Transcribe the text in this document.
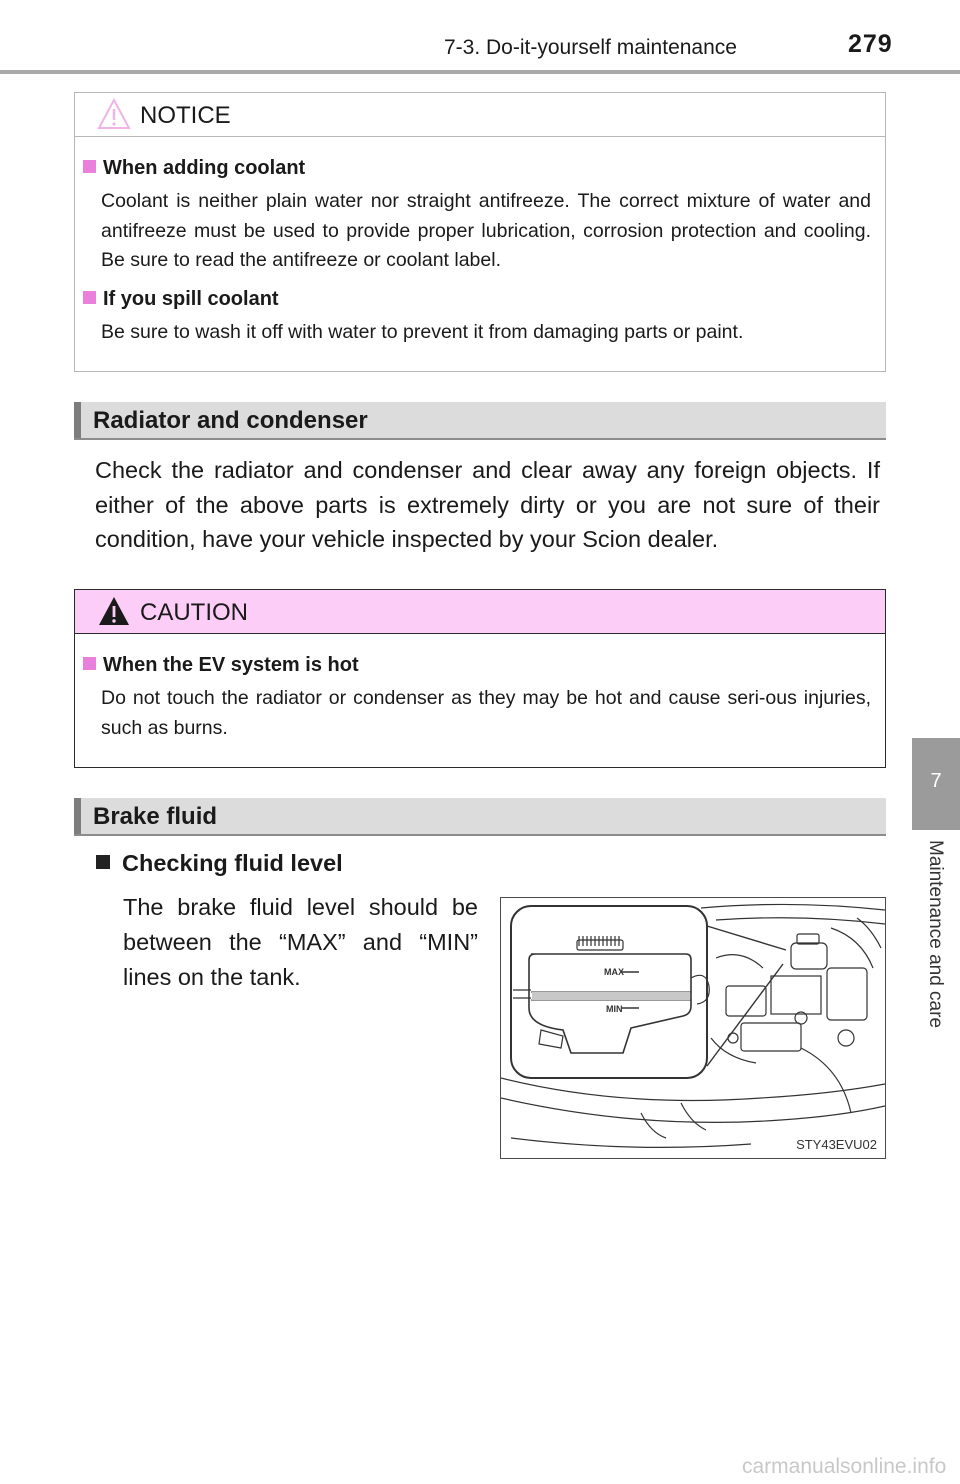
7-3. Do-it-yourself maintenance	279
7
Maintenance and care
NOTICE
When adding coolant
Coolant is neither plain water nor straight antifreeze. The correct mixture of water and antifreeze must be used to provide proper lubrication, corrosion protection and cooling. Be sure to read the antifreeze or coolant label.
If you spill coolant
Be sure to wash it off with water to prevent it from damaging parts or paint.
Radiator and condenser
Check the radiator and condenser and clear away any foreign objects. If either of the above parts is extremely dirty or you are not sure of their condition, have your vehicle inspected by your Scion dealer.
CAUTION
When the EV system is hot
Do not touch the radiator or condenser as they may be hot and cause seri-ous injuries, such as burns.
Brake fluid
Checking fluid level
The brake fluid level should be between the “MAX” and “MIN” lines on the tank.	MAX
MIN
STY43EVU02
carmanualsonline.info
